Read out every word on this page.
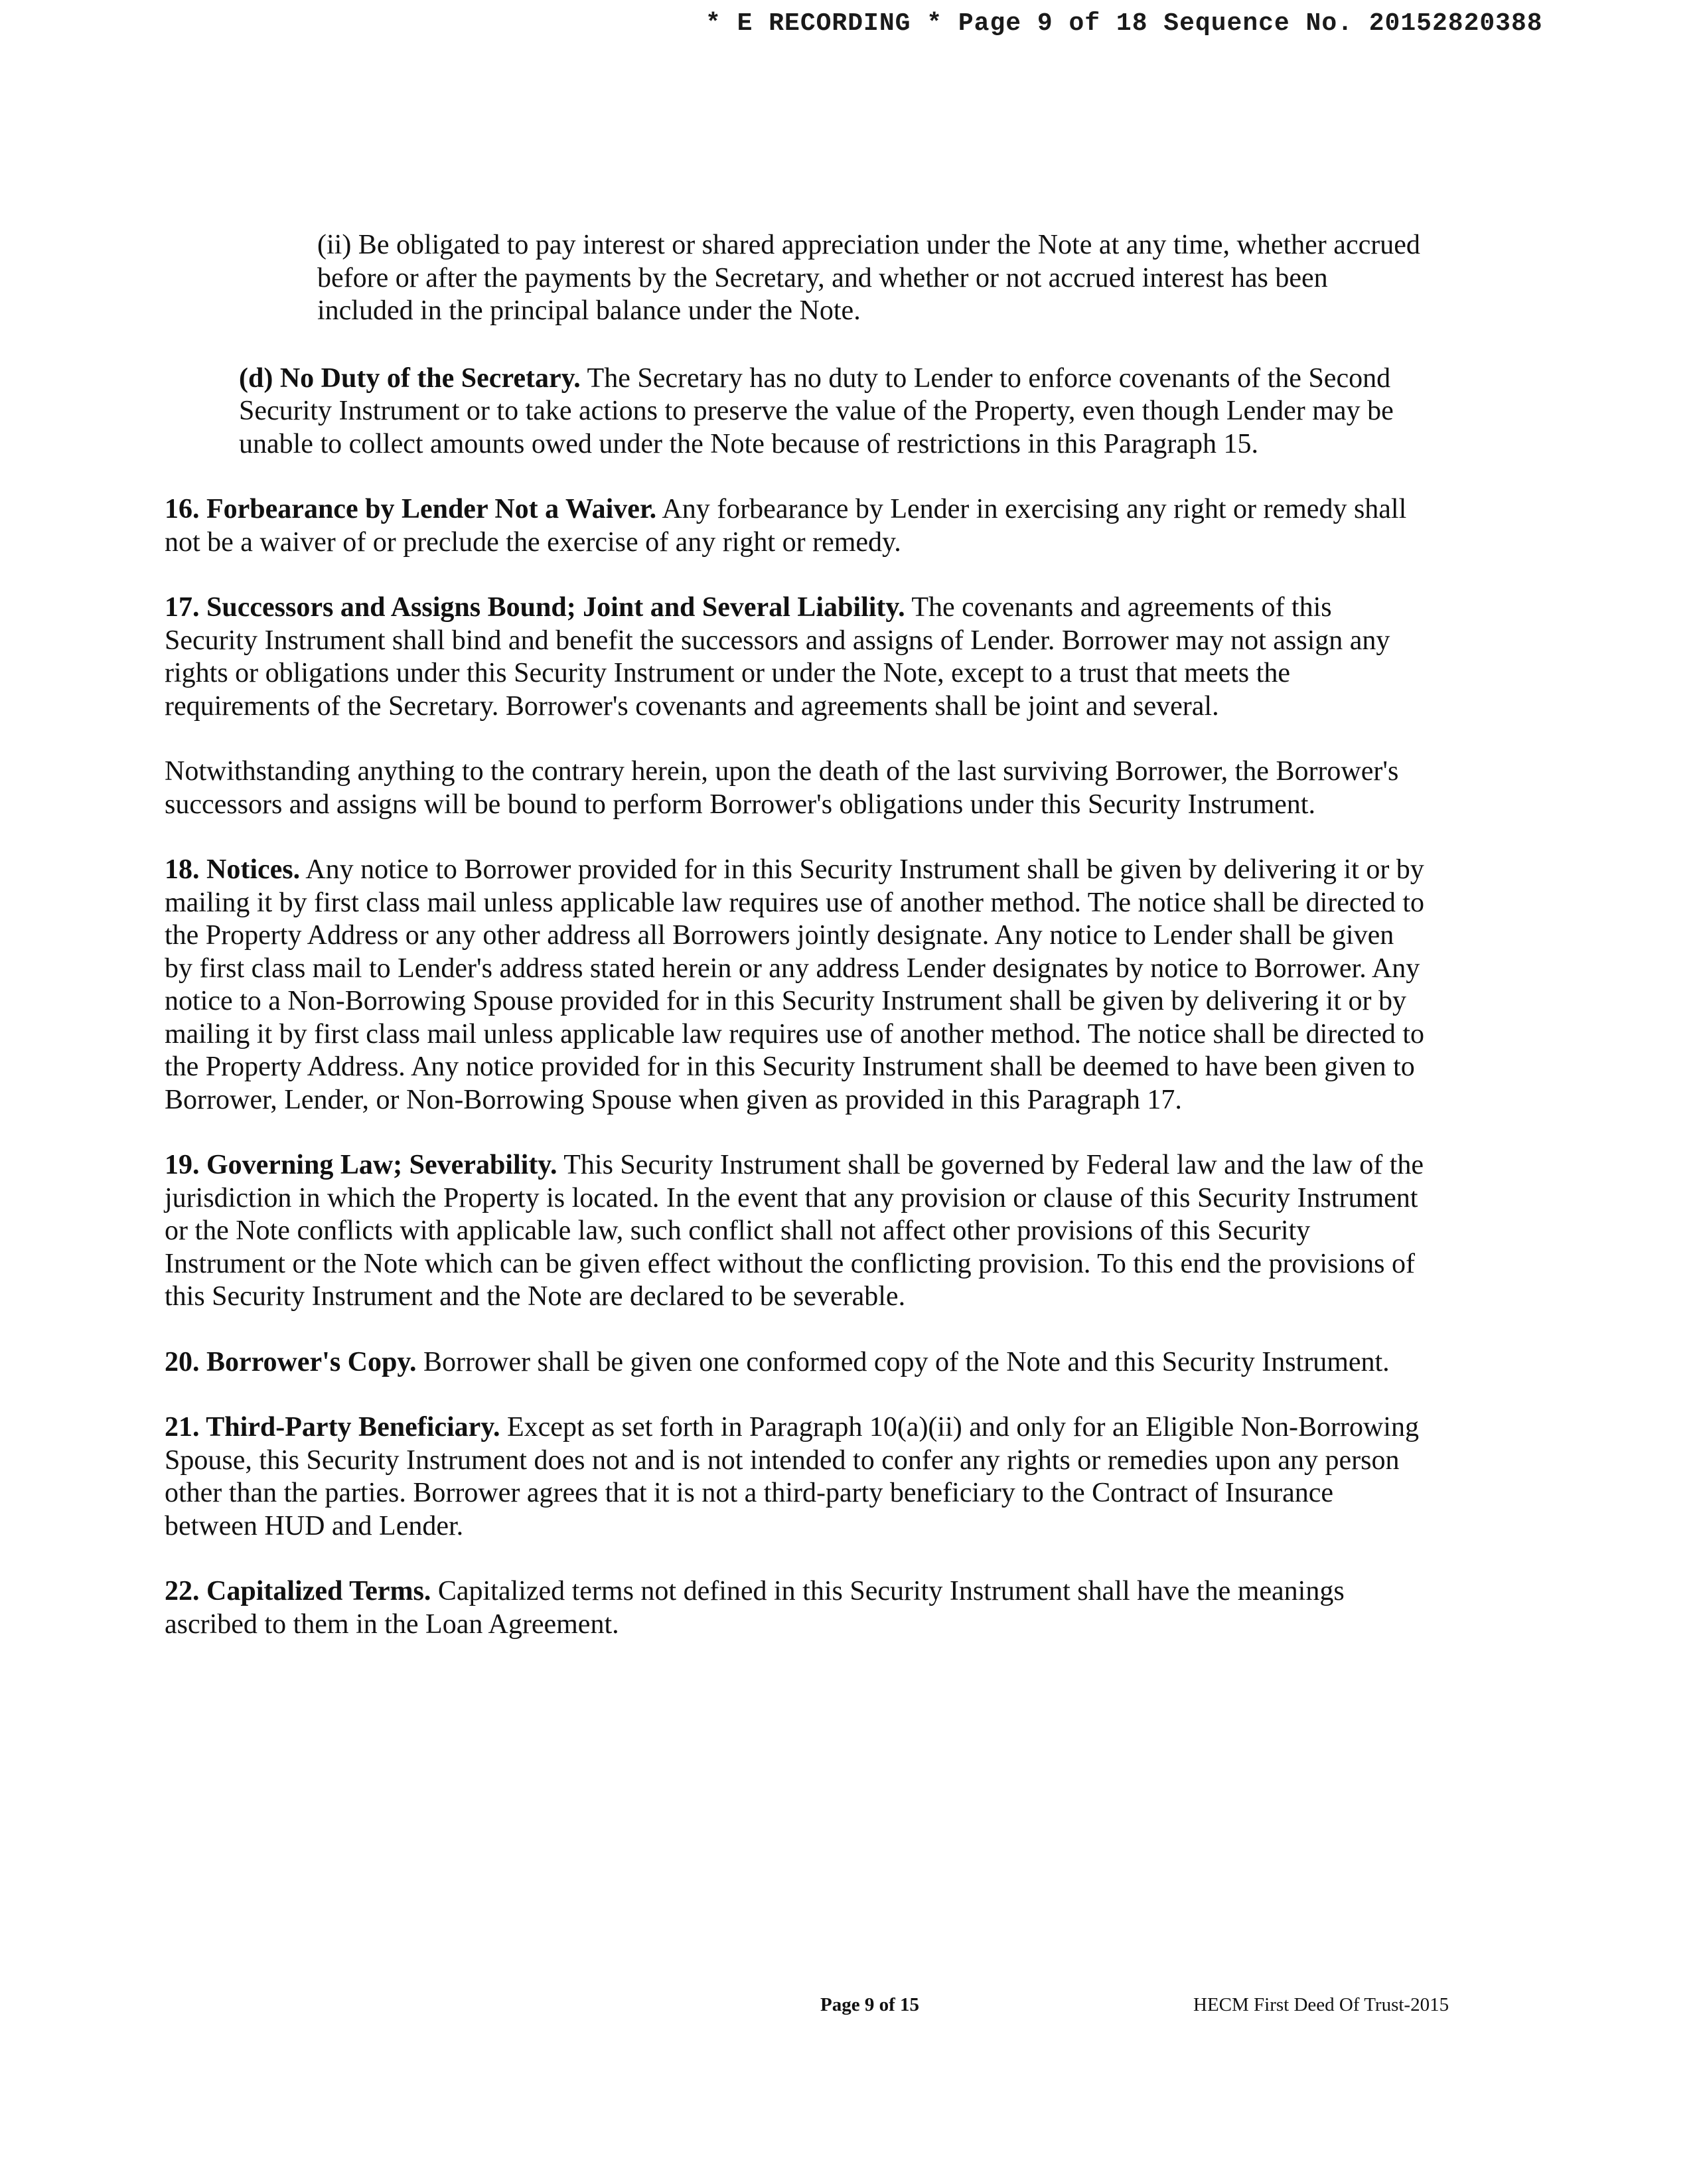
* E RECORDING * Page 9 of 18 Sequence No. 20152820388

(ii) Be obligated to pay interest or shared appreciation under the Note at any time, whether accrued before or after the payments by the Secretary, and whether or not accrued interest has been included in the principal balance under the Note.

(d) No Duty of the Secretary. The Secretary has no duty to Lender to enforce covenants of the Second Security Instrument or to take actions to preserve the value of the Property, even though Lender may be unable to collect amounts owed under the Note because of restrictions in this Paragraph 15.

16. Forbearance by Lender Not a Waiver. Any forbearance by Lender in exercising any right or remedy shall not be a waiver of or preclude the exercise of any right or remedy.

17. Successors and Assigns Bound; Joint and Several Liability. The covenants and agreements of this Security Instrument shall bind and benefit the successors and assigns of Lender. Borrower may not assign any rights or obligations under this Security Instrument or under the Note, except to a trust that meets the requirements of the Secretary. Borrower's covenants and agreements shall be joint and several.

Notwithstanding anything to the contrary herein, upon the death of the last surviving Borrower, the Borrower's successors and assigns will be bound to perform Borrower's obligations under this Security Instrument.

18. Notices. Any notice to Borrower provided for in this Security Instrument shall be given by delivering it or by mailing it by first class mail unless applicable law requires use of another method. The notice shall be directed to the Property Address or any other address all Borrowers jointly designate. Any notice to Lender shall be given by first class mail to Lender's address stated herein or any address Lender designates by notice to Borrower. Any notice to a Non-Borrowing Spouse provided for in this Security Instrument shall be given by delivering it or by mailing it by first class mail unless applicable law requires use of another method. The notice shall be directed to the Property Address. Any notice provided for in this Security Instrument shall be deemed to have been given to Borrower, Lender, or Non-Borrowing Spouse when given as provided in this Paragraph 17.

19. Governing Law; Severability. This Security Instrument shall be governed by Federal law and the law of the jurisdiction in which the Property is located. In the event that any provision or clause of this Security Instrument or the Note conflicts with applicable law, such conflict shall not affect other provisions of this Security Instrument or the Note which can be given effect without the conflicting provision. To this end the provisions of this Security Instrument and the Note are declared to be severable.

20. Borrower's Copy. Borrower shall be given one conformed copy of the Note and this Security Instrument.

21. Third-Party Beneficiary. Except as set forth in Paragraph 10(a)(ii) and only for an Eligible Non-Borrowing Spouse, this Security Instrument does not and is not intended to confer any rights or remedies upon any person other than the parties. Borrower agrees that it is not a third-party beneficiary to the Contract of Insurance between HUD and Lender.

22. Capitalized Terms. Capitalized terms not defined in this Security Instrument shall have the meanings ascribed to them in the Loan Agreement.

Page 9 of 15	HECM First Deed Of Trust-2015
